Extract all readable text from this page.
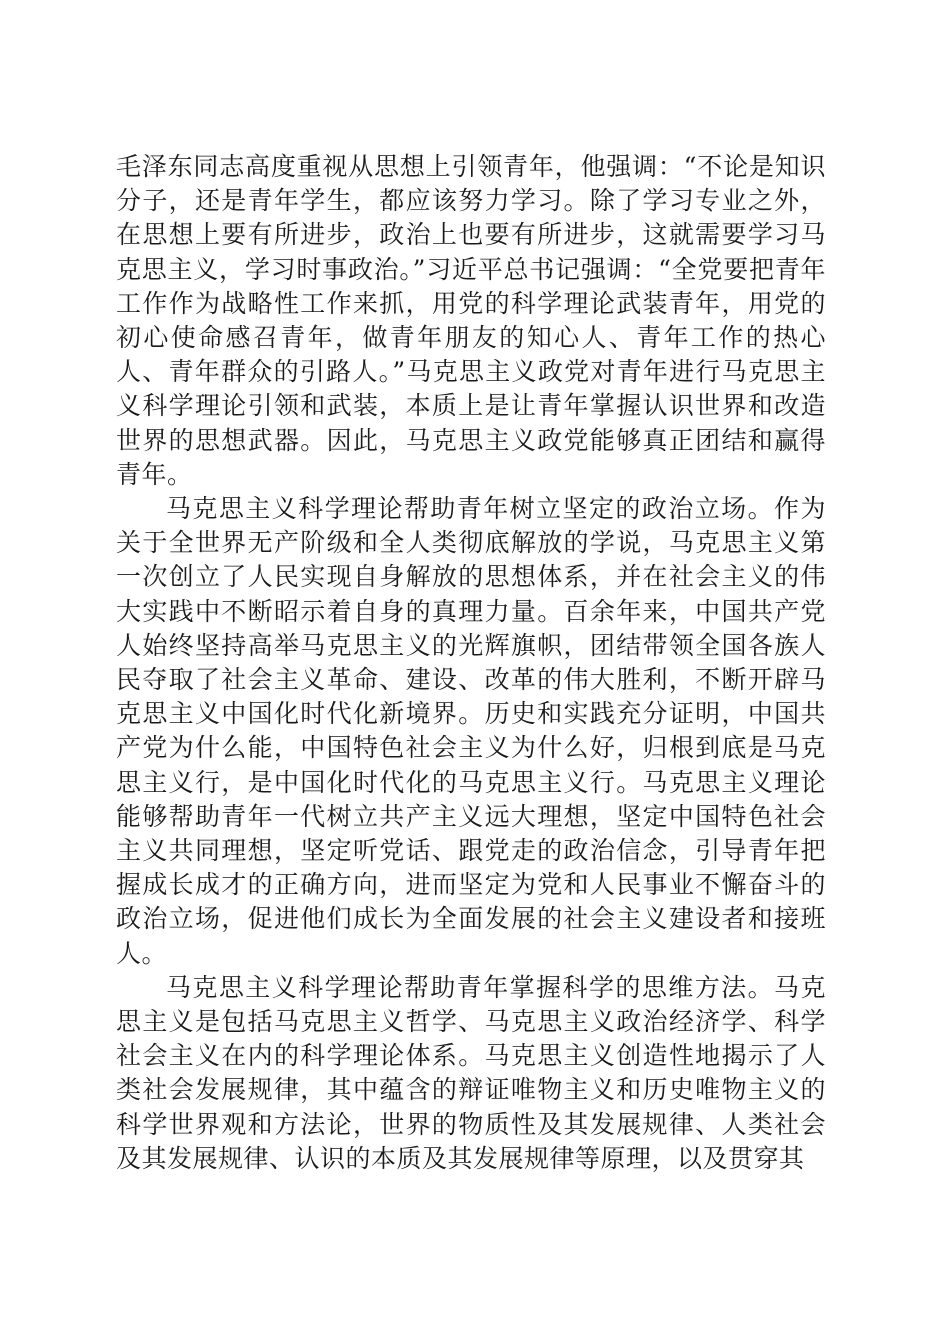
毛泽东同志高度重视从思想上引领青年，他强调：“不论是知识分子，还是青年学生，都应该努力学习。除了学习专业之外，在思想上要有所进步，政治上也要有所进步，这就需要学习马克思主义，学习时事政治。”习近平总书记强调：“全党要把青年工作作为战略性工作来抓，用党的科学理论武装青年，用党的初心使命感召青年，做青年朋友的知心人、青年工作的热心人、青年群众的引路人。”马克思主义政党对青年进行马克思主义科学理论引领和武装，本质上是让青年掌握认识世界和改造世界的思想武器。因此，马克思主义政党能够真正团结和赢得青年。

马克思主义科学理论帮助青年树立坚定的政治立场。作为关于全世界无产阶级和全人类彻底解放的学说，马克思主义第一次创立了人民实现自身解放的思想体系，并在社会主义的伟大实践中不断昭示着自身的真理力量。百余年来，中国共产党人始终坚持高举马克思主义的光辉旗帜，团结带领全国各族人民夺取了社会主义革命、建设、改革的伟大胜利，不断开辟马克思主义中国化时代化新境界。历史和实践充分证明，中国共产党为什么能，中国特色社会主义为什么好，归根到底是马克思主义行，是中国化时代化的马克思主义行。马克思主义理论能够帮助青年一代树立共产主义远大理想，坚定中国特色社会主义共同理想，坚定听党话、跟党走的政治信念，引导青年把握成长成才的正确方向，进而坚定为党和人民事业不懈奋斗的政治立场，促进他们成长为全面发展的社会主义建设者和接班人。

马克思主义科学理论帮助青年掌握科学的思维方法。马克思主义是包括马克思主义哲学、马克思主义政治经济学、科学社会主义在内的科学理论体系。马克思主义创造性地揭示了人类社会发展规律，其中蕴含的辩证唯物主义和历史唯物主义的科学世界观和方法论，世界的物质性及其发展规律、人类社会及其发展规律、认识的本质及其发展规律等原理，以及贯穿其
